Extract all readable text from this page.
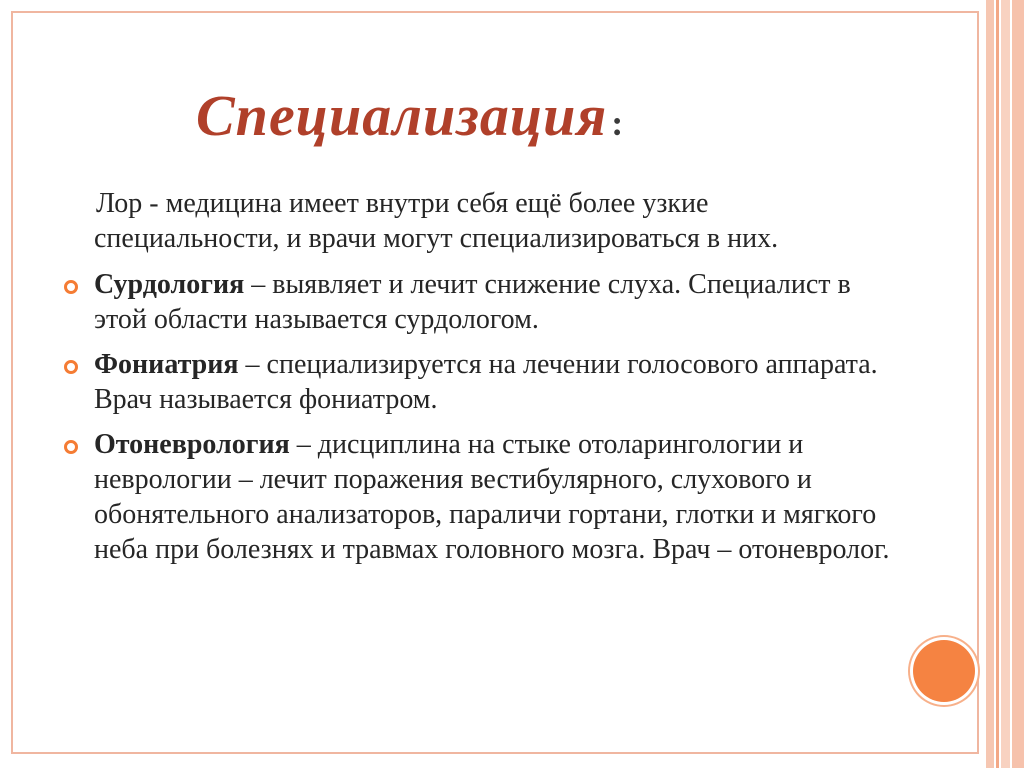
Специализация :

Лор - медицина имеет внутри себя ещё более узкие специальности, и врачи могут специализироваться в них.

Сурдология – выявляет и лечит снижение слуха. Специалист в этой области называется сурдологом.

Фониатрия – специализируется на лечении голосового аппарата. Врач называется фониатром.

Отоневрология – дисциплина на стыке отоларингологии и неврологии – лечит поражения вестибулярного, слухового и обонятельного анализаторов, параличи гортани, глотки и мягкого неба при болезнях и травмах головного мозга. Врач – отоневролог.
